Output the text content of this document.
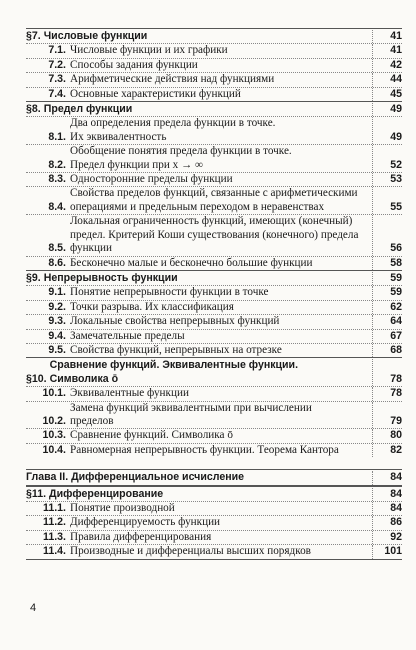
§7. Числовые функции	41
7.1. Числовые функции и их графики	41
7.2. Способы задания функции	42
7.3. Арифметические действия над функциями	44
7.4. Основные характеристики функций	45
§8. Предел функции	49
8.1.
Два определения предела функции в точке.
Их эквивалентность	49
8.2.
Обобщение понятия предела функции в точке.
Предел функции при x → ∞	52
8.3. Односторонние пределы функции	53
8.4.
Свойства пределов функций, связанные с арифметическими
операциями и предельным переходом в неравенствах	55
8.5.
Локальная ограниченность функций, имеющих (конечный)
предел. Критерий Коши существования (конечного) предела
функции	56
8.6. Бесконечно малые и бесконечно большие функции	58
§9. Непрерывность функции	59
9.1. Понятие непрерывности функции в точке	59
9.2. Точки разрыва. Их классификация	62
9.3. Локальные свойства непрерывных функций	64
9.4. Замечательные пределы	67
9.5. Свойства функций, непрерывных на отрезке	68
§10.
Сравнение функций. Эквивалентные функции.
Символика ō	78
10.1. Эквивалентные функции	78
10.2.
Замена функций эквивалентными при вычислении
пределов	79
10.3. Сравнение функций. Символика ō	80
10.4. Равномерная непрерывность функции. Теорема Кантора	82
Глава II. Дифференциальное исчисление	84
§11. Дифференцирование	84
11.1. Понятие производной	84
11.2. Дифференцируемость функции	86
11.3. Правила дифференцирования	92
11.4. Производные и дифференциалы высших порядков	101
4
